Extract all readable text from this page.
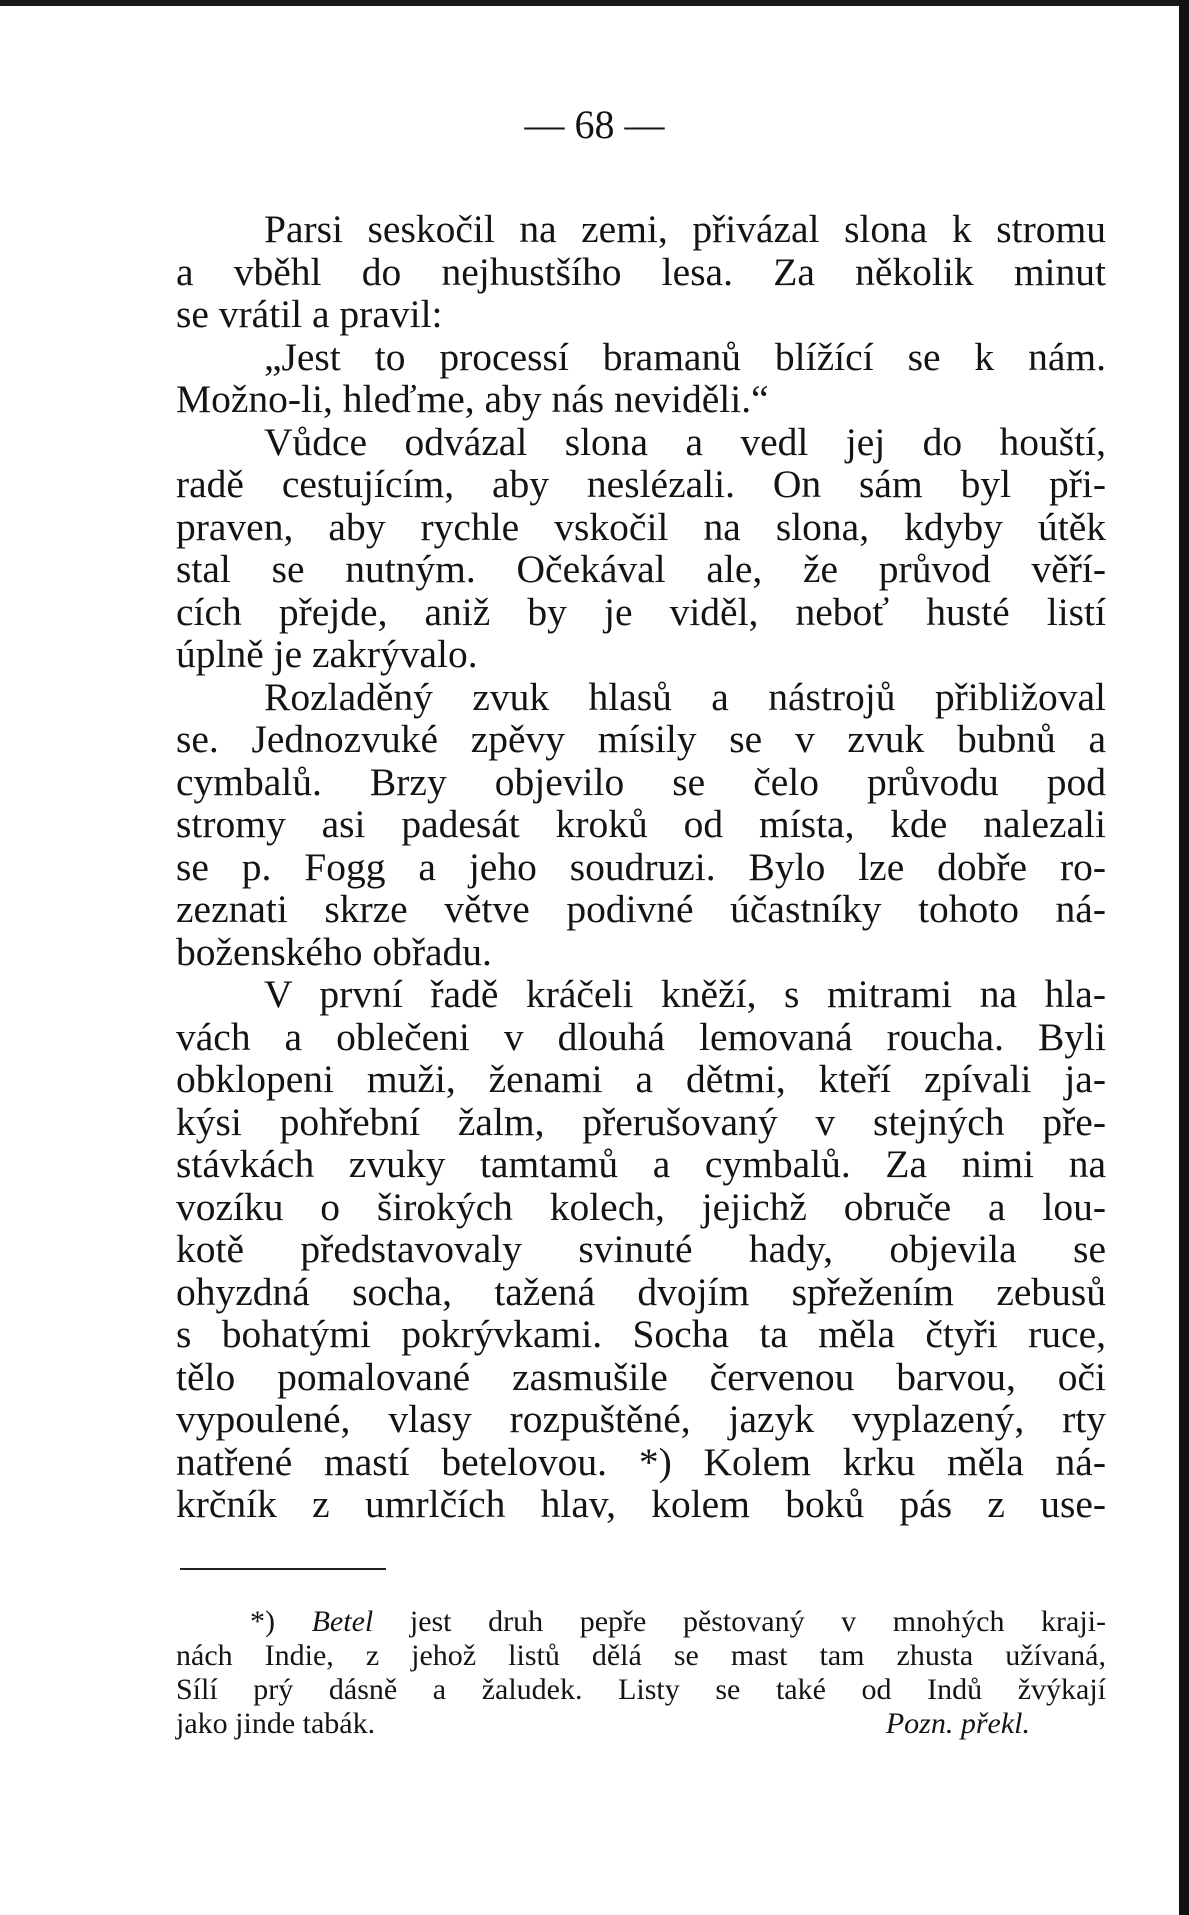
— 68 —
Parsi seskočil na zemi, přivázal slona k stromu
a vběhl do nejhustšího lesa. Za několik minut
se vrátil a pravil:
„Jest to processí bramanů blížící se k nám.
Možno-li, hleďme, aby nás neviděli.“
Vůdce odvázal slona a vedl jej do houští,
radě cestujícím, aby neslézali. On sám byl při-
praven, aby rychle vskočil na slona, kdyby útěk
stal se nutným. Očekával ale, že průvod věří-
cích přejde, aniž by je viděl, neboť husté listí
úplně je zakrývalo.
Rozladěný zvuk hlasů a nástrojů přibližoval
se. Jednozvuké zpěvy mísily se v zvuk bubnů a
cymbalů. Brzy objevilo se čelo průvodu pod
stromy asi padesát kroků od místa, kde nalezali
se p. Fogg a jeho soudruzi. Bylo lze dobře ro-
zeznati skrze větve podivné účastníky tohoto ná-
boženského obřadu.
V první řadě kráčeli kněží, s mitrami na hla-
vách a oblečeni v dlouhá lemovaná roucha. Byli
obklopeni muži, ženami a dětmi, kteří zpívali ja-
kýsi pohřební žalm, přerušovaný v stejných pře-
stávkách zvuky tamtamů a cymbalů. Za nimi na
vozíku o širokých kolech, jejichž obruče a lou-
kotě představovaly svinuté hady, objevila se
ohyzdná socha, tažená dvojím spřežením zebusů
s bohatými pokrývkami. Socha ta měla čtyři ruce,
tělo pomalované zasmušile červenou barvou, oči
vypoulené, vlasy rozpuštěné, jazyk vyplazený, rty
natřené mastí betelovou. *) Kolem krku měla ná-
krčník z umrlčích hlav, kolem boků pás z use-
*) Betel jest druh pepře pěstovaný v mnohých kraji-
nách Indie, z jehož listů dělá se mast tam zhusta užívaná,
Sílí prý dásně a žaludek. Listy se také od Indů žvýkají
jako jinde tabák.	Pozn. překl.
